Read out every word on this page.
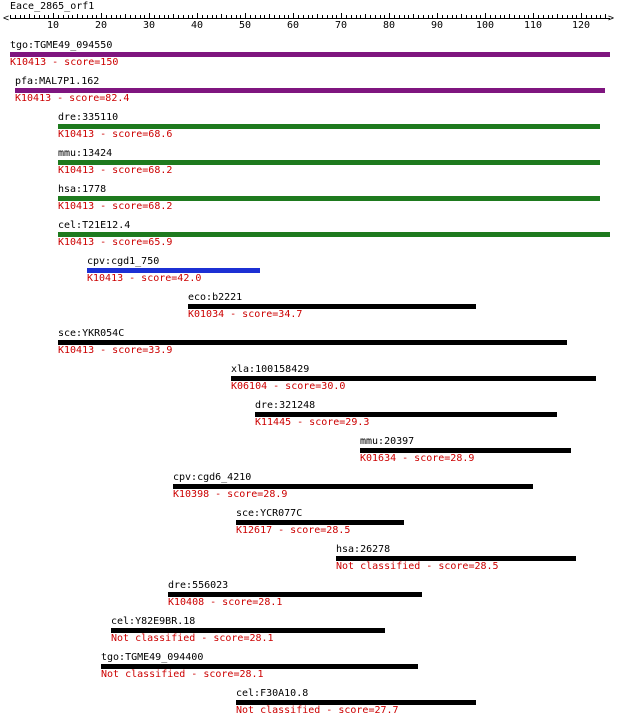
Eace_2865_orf1
<	>
10	20	30	40	50	60	70	80	90	100	110	120
tgo:TGME49_094550
K10413 - score=150
pfa:MAL7P1.162
K10413 - score=82.4
dre:335110
K10413 - score=68.6
mmu:13424
K10413 - score=68.2
hsa:1778
K10413 - score=68.2
cel:T21E12.4
K10413 - score=65.9
cpv:cgd1_750
K10413 - score=42.0
eco:b2221
K01034 - score=34.7
sce:YKR054C
K10413 - score=33.9
xla:100158429
K06104 - score=30.0
dre:321248
K11445 - score=29.3
mmu:20397
K01634 - score=28.9
cpv:cgd6_4210
K10398 - score=28.9
sce:YCR077C
K12617 - score=28.5
hsa:26278
Not classified - score=28.5
dre:556023
K10408 - score=28.1
cel:Y82E9BR.18
Not classified - score=28.1
tgo:TGME49_094400
Not classified - score=28.1
cel:F30A10.8
Not classified - score=27.7
